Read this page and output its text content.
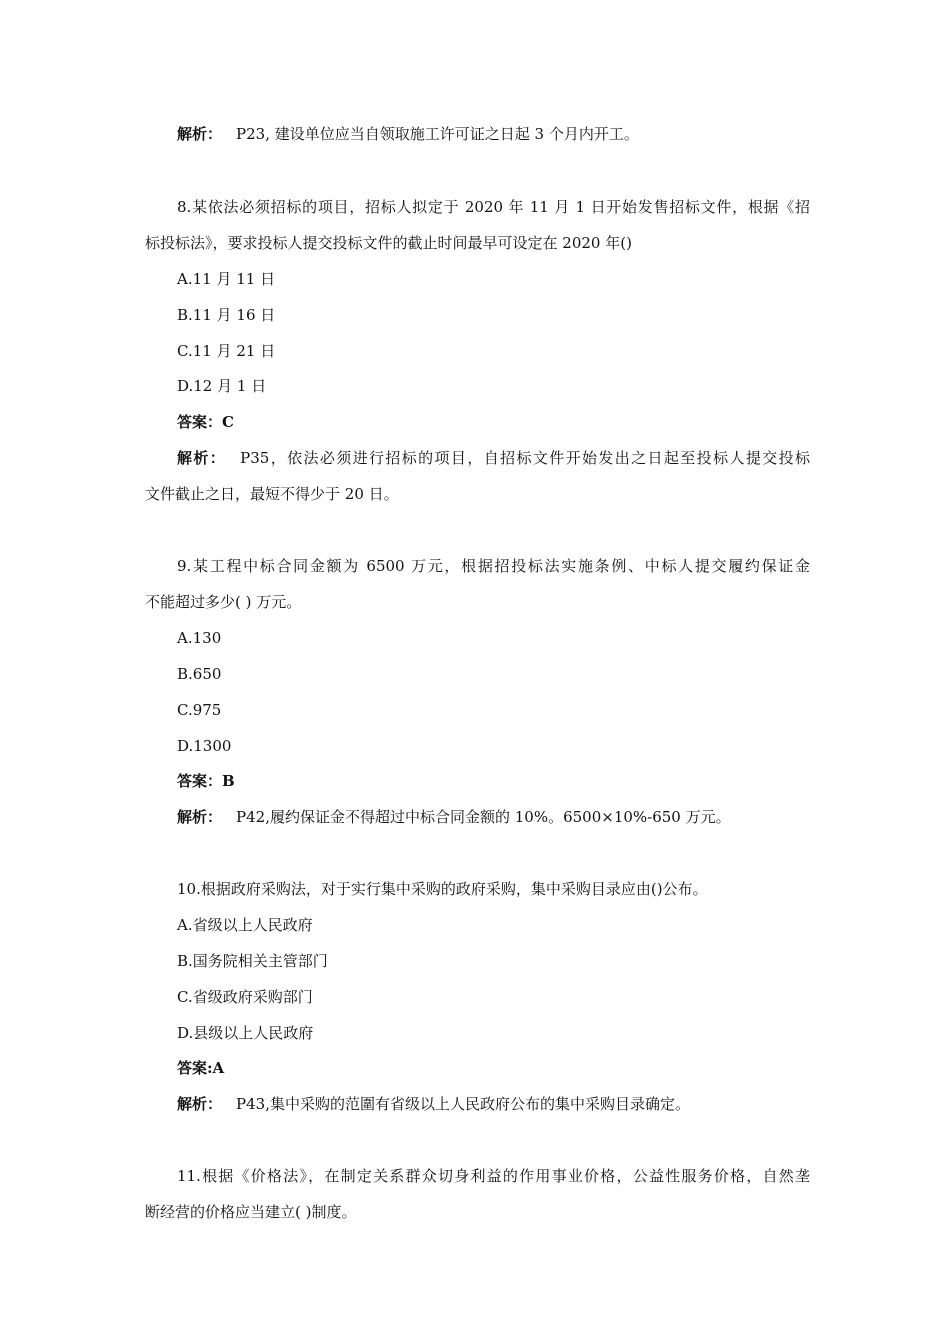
解析： P23, 建设单位应当自领取施工许可证之日起 3 个月内开工。
8.某依法必须招标的项目，招标人拟定于 2020 年 11 月 1 日开始发售招标文件，根据《招
标投标法》，要求投标人提交投标文件的截止时间最早可设定在 2020 年()
A.11 月 11 日
B.11 月 16 日
C.11 月 21 日
D.12 月 1 日
答案：C
解析： P35，依法必须进行招标的项目，自招标文件开始发出之日起至投标人提交投标
文件截止之日，最短不得少于 20 日。
9.某工程中标合同金额为 6500 万元，根据招投标法实施条例、中标人提交履约保证金
不能超过多少( ) 万元。
A.130
B.650
C.975
D.1300
答案：B
解析： P42,履约保证金不得超过中标合同金额的 10%。6500×10%-650 万元。
10.根据政府采购法，对于实行集中采购的政府采购，集中采购目录应由()公布。
A.省级以上人民政府
B.国务院相关主管部门
C.省级政府采购部门
D.县级以上人民政府
答案:A
解析： P43,集中采购的范圍有省级以上人民政府公布的集中采购目录确定。
11.根据《价格法》，在制定关系群众切身利益的作用事业价格，公益性服务价格，自然垄
断经营的价格应当建立( )制度。
